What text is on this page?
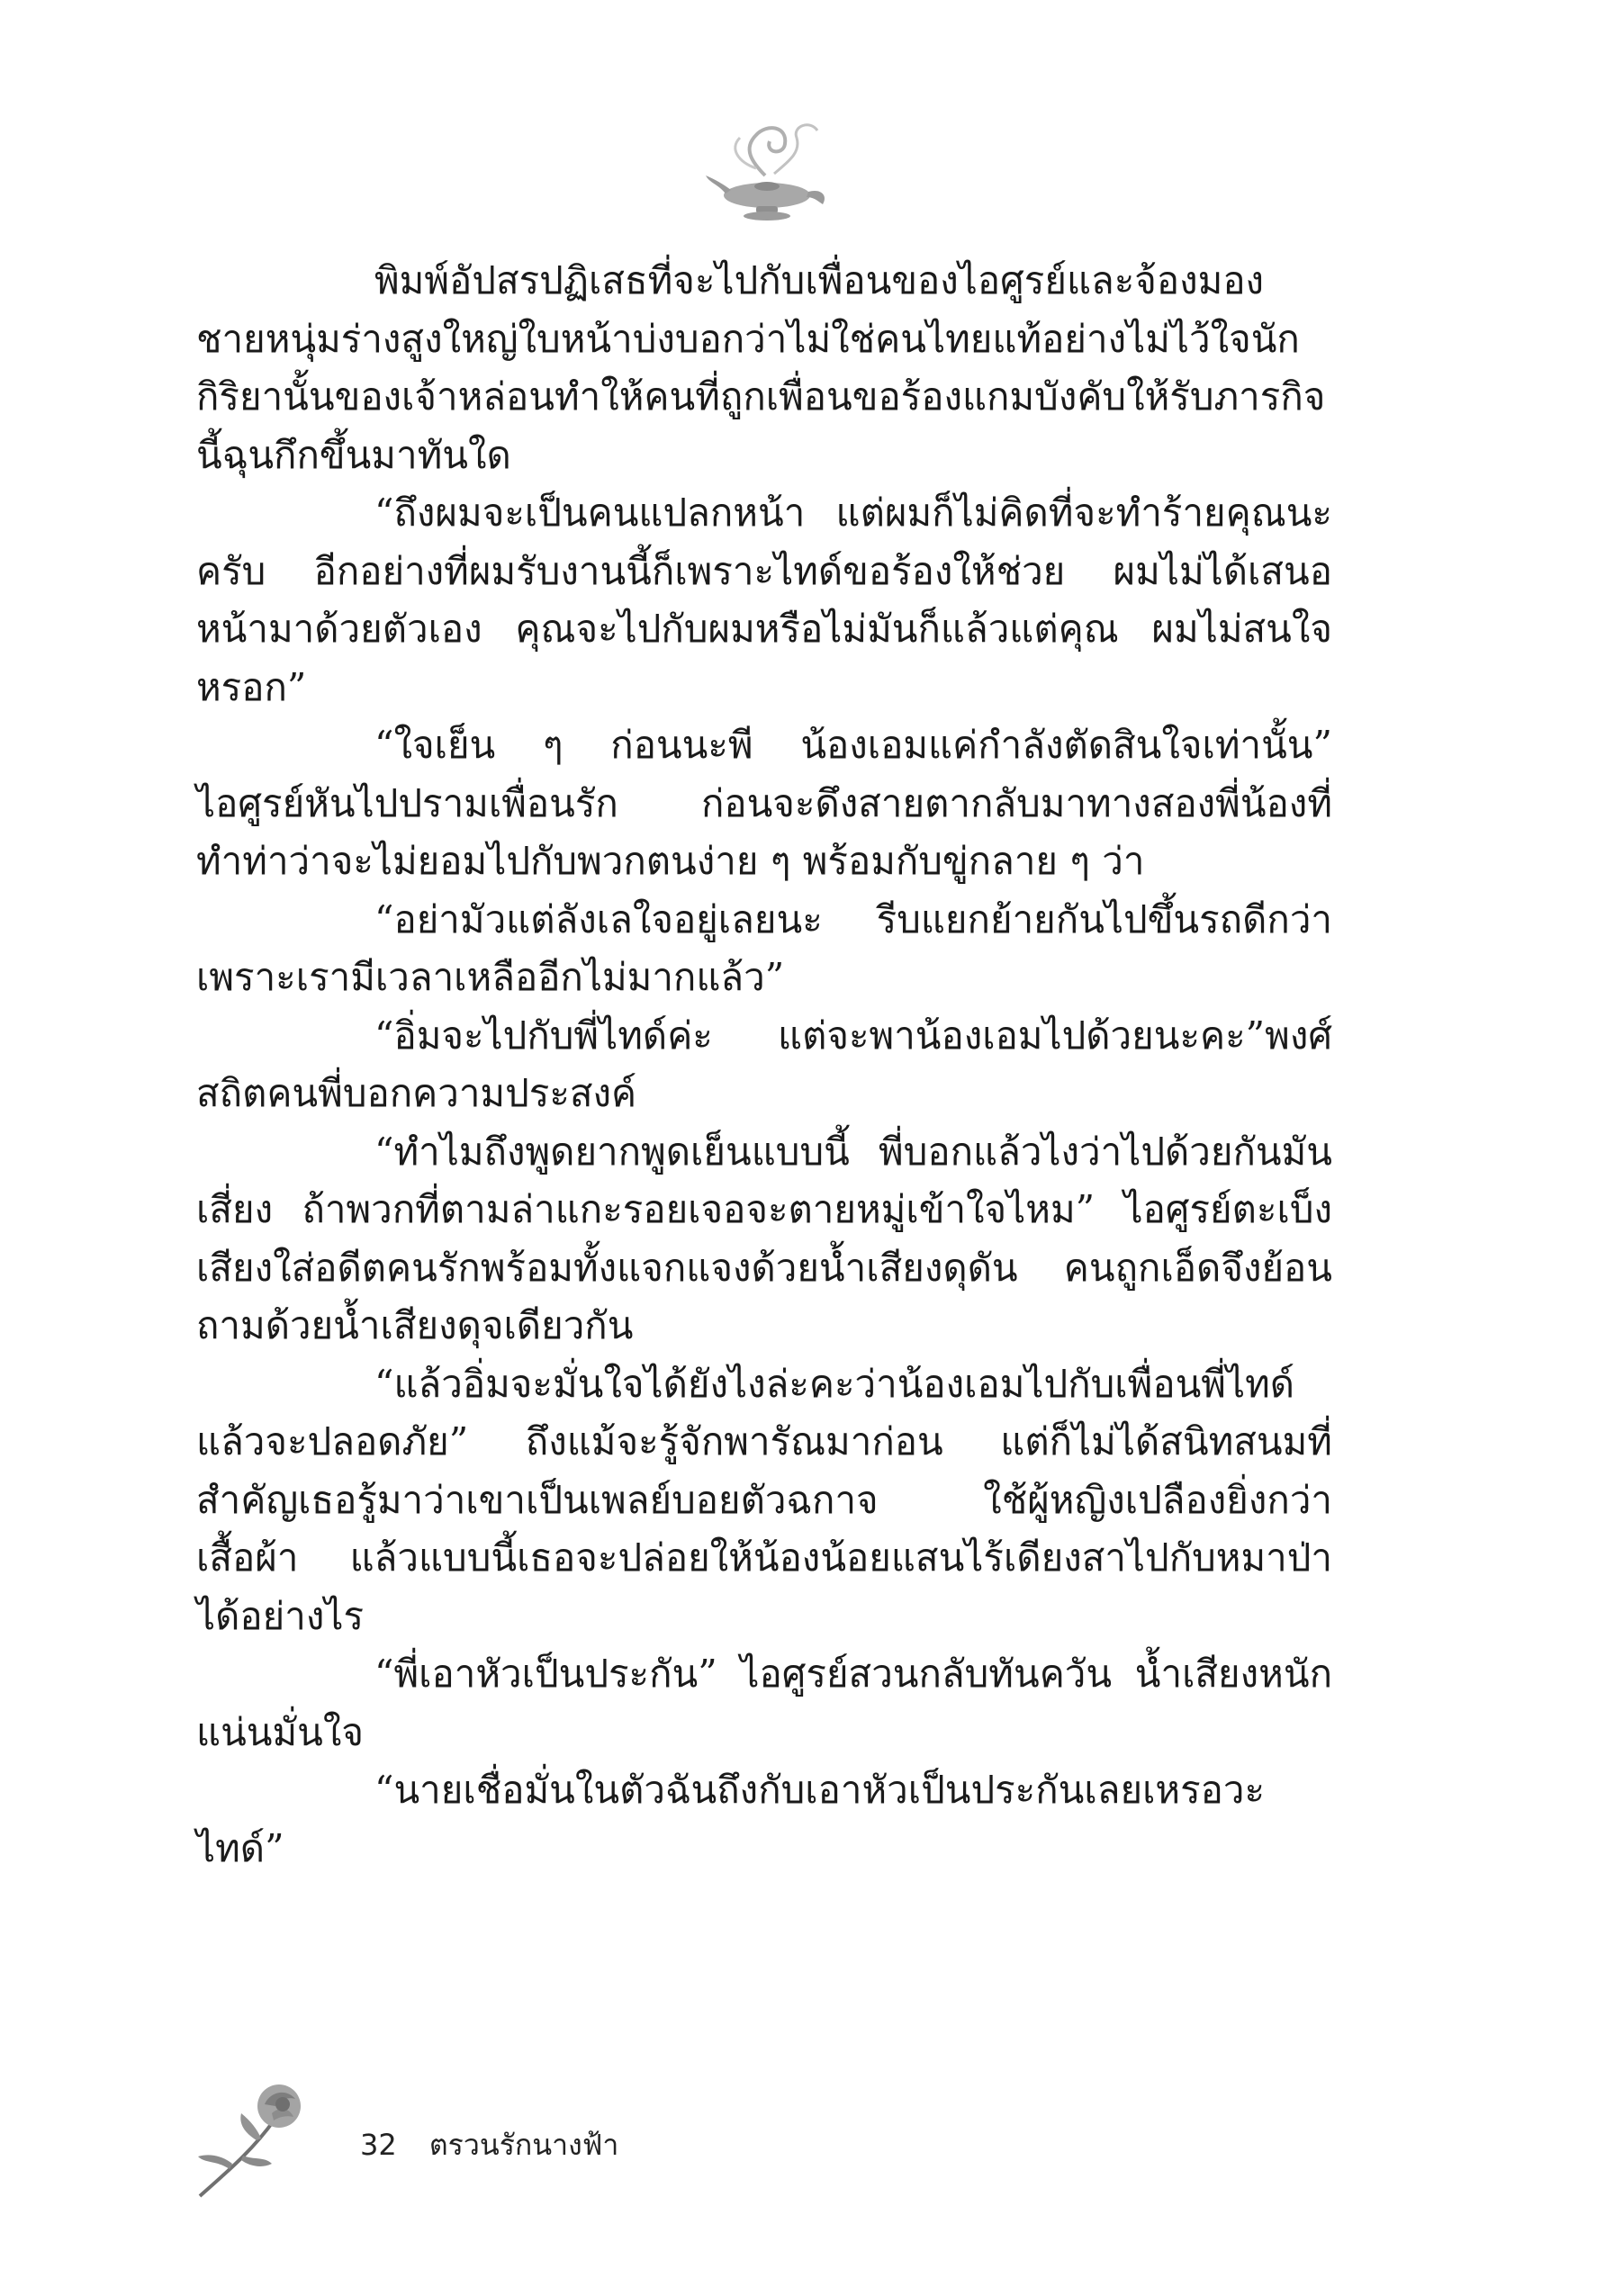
พิมพ์อัปสรปฏิเสธที่จะไปกับเพื่อนของไอศูรย์และจ้องมองชายหนุ่มร่างสูงใหญ่ใบหน้าบ่งบอกว่าไม่ใช่คนไทยแท้อย่างไม่ไว้ใจนักกิริยานั้นของเจ้าหล่อนทำให้คนที่ถูกเพื่อนขอร้องแกมบังคับให้รับภารกิจนี้ฉุนกึกขึ้นมาทันใด

“ถึงผมจะเป็นคนแปลกหน้า แต่ผมก็ไม่คิดที่จะทำร้ายคุณนะครับ อีกอย่างที่ผมรับงานนี้ก็เพราะไทด์ขอร้องให้ช่วย ผมไม่ได้เสนอหน้ามาด้วยตัวเอง คุณจะไปกับผมหรือไม่มันก็แล้วแต่คุณ ผมไม่สนใจหรอก”

“ใจเย็น ๆ ก่อนนะพี น้องเอมแค่กำลังตัดสินใจเท่านั้น” ไอศูรย์หันไปปรามเพื่อนรัก ก่อนจะดึงสายตากลับมาทางสองพี่น้องที่ทำท่าว่าจะไม่ยอมไปกับพวกตนง่าย ๆ พร้อมกับขู่กลาย ๆ ว่า

“อย่ามัวแต่ลังเลใจอยู่เลยนะ รีบแยกย้ายกันไปขึ้นรถดีกว่าเพราะเรามีเวลาเหลืออีกไม่มากแล้ว”

“อิ่มจะไปกับพี่ไทด์ค่ะ แต่จะพาน้องเอมไปด้วยนะคะ”พงศ์สถิตคนพี่บอกความประสงค์

“ทำไมถึงพูดยากพูดเย็นแบบนี้ พี่บอกแล้วไงว่าไปด้วยกันมันเสี่ยง ถ้าพวกที่ตามล่าแกะรอยเจอจะตายหมู่เข้าใจไหม” ไอศูรย์ตะเบ็งเสียงใส่อดีตคนรักพร้อมทั้งแจกแจงด้วยน้ำเสียงดุดัน คนถูกเอ็ดจึงย้อนถามด้วยน้ำเสียงดุจเดียวกัน

“แล้วอิ่มจะมั่นใจได้ยังไงล่ะคะว่าน้องเอมไปกับเพื่อนพี่ไทด์แล้วจะปลอดภัย” ถึงแม้จะรู้จักพารัณมาก่อน แต่ก็ไม่ได้สนิทสนมที่สำคัญเธอรู้มาว่าเขาเป็นเพลย์บอยตัวฉกาจ ใช้ผู้หญิงเปลืองยิ่งกว่าเสื้อผ้า แล้วแบบนี้เธอจะปล่อยให้น้องน้อยแสนไร้เดียงสาไปกับหมาป่าได้อย่างไร

“พี่เอาหัวเป็นประกัน” ไอศูรย์สวนกลับทันควัน น้ำเสียงหนักแน่นมั่นใจ

“นายเชื่อมั่นในตัวฉันถึงกับเอาหัวเป็นประกันเลยเหรอวะไทด์”

32 ตรวนรักนางฟ้า
